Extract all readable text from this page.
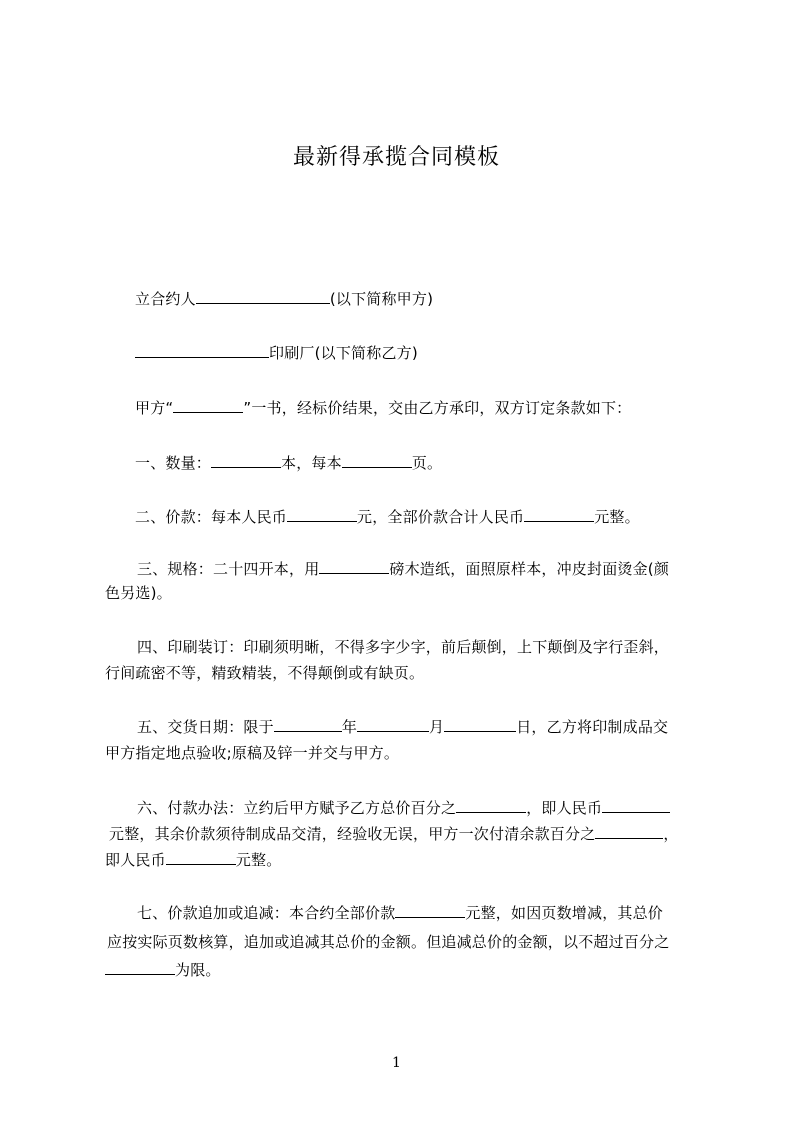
最新得承揽合同模板
立合约人	(以下简称甲方)
印刷厂(以下简称乙方)
甲方“	”一书，经标价结果，交由乙方承印，双方订定条款如下：
一、数量：	本，每本	页。
二、价款：每本人民币	元，全部价款合计人民币	元整。
三、规格：二十四开本，用	磅木造纸，面照原样本，冲皮封面烫金(颜
色另选)。
四、印刷装订：印刷须明晰，不得多字少字，前后颠倒，上下颠倒及字行歪斜，
行间疏密不等，精致精装，不得颠倒或有缺页。
五、交货日期：限于	年	月	日，乙方将印制成品交
甲方指定地点验收;原稿及锌一并交与甲方。
六、付款办法：立约后甲方赋予乙方总价百分之	，即人民币
元整，其余价款须待制成品交清，经验收无误，甲方一次付清余款百分之	，
即人民币	元整。
七、价款追加或追减：本合约全部价款	元整，如因页数增减，其总价
应按实际页数核算，追加或追减其总价的金额。但追减总价的金额，以不超过百分之
为限。
1
